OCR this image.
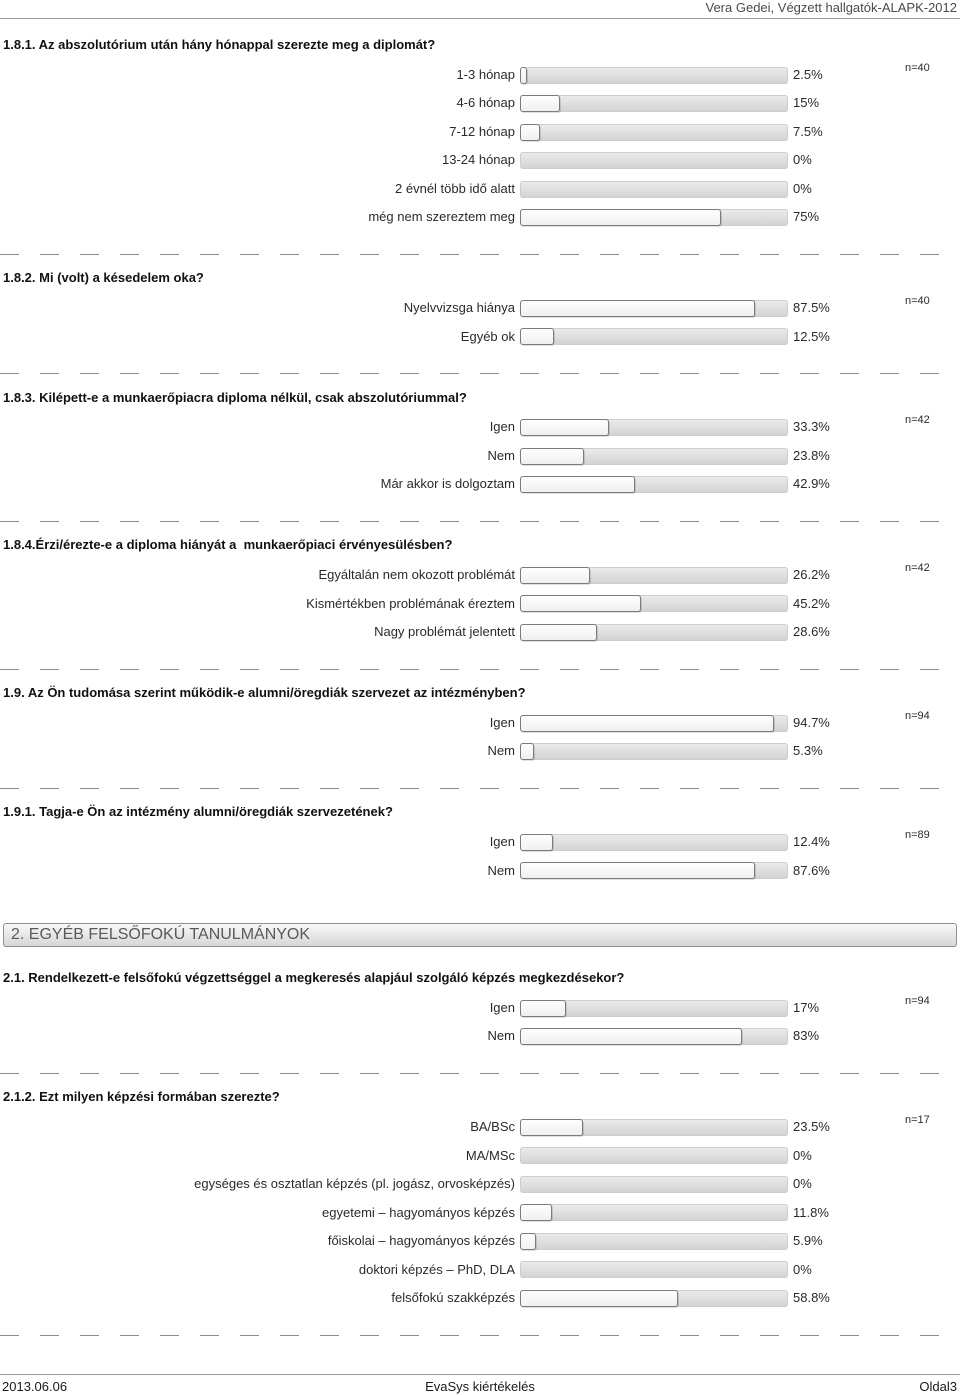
Vera Gedei, Végzett hallgatók-ALAPK-2012
1.8.1. Az abszolutórium után hány hónappal szerezte meg a diplomát?
n=40
1-3 hónap	2.5%
4-6 hónap	15%
7-12 hónap	7.5%
13-24 hónap	0%
2 évnél több idő alatt	0%
még nem szereztem meg	75%
1.8.2. Mi (volt) a késedelem oka?
n=40
Nyelvvizsga hiánya	87.5%
Egyéb ok	12.5%
1.8.3. Kilépett-e a munkaerőpiacra diploma nélkül, csak abszolutóriummal?
n=42
Igen	33.3%
Nem	23.8%
Már akkor is dolgoztam	42.9%
1.8.4.Érzi/érezte-e a diploma hiányát a  munkaerőpiaci érvényesülésben?
n=42
Egyáltalán nem okozott problémát	26.2%
Kismértékben problémának éreztem	45.2%
Nagy problémát jelentett	28.6%
1.9. Az Ön tudomása szerint működik-e alumni/öregdiák szervezet az intézményben?
n=94
Igen	94.7%
Nem	5.3%
1.9.1. Tagja-e Ön az intézmény alumni/öregdiák szervezetének?
n=89
Igen	12.4%
Nem	87.6%
2. EGYÉB FELSŐFOKÚ TANULMÁNYOK
2.1. Rendelkezett-e felsőfokú végzettséggel a megkeresés alapjául szolgáló képzés megkezdésekor?
n=94
Igen	17%
Nem	83%
2.1.2. Ezt milyen képzési formában szerezte?
n=17
BA/BSc	23.5%
MA/MSc	0%
egységes és osztatlan képzés (pl. jogász, orvosképzés)	0%
egyetemi – hagyományos képzés	11.8%
főiskolai – hagyományos képzés	5.9%
doktori képzés – PhD, DLA	0%
felsőfokú szakképzés	58.8%
2013.06.06	EvaSys kiértékelés	Oldal3
